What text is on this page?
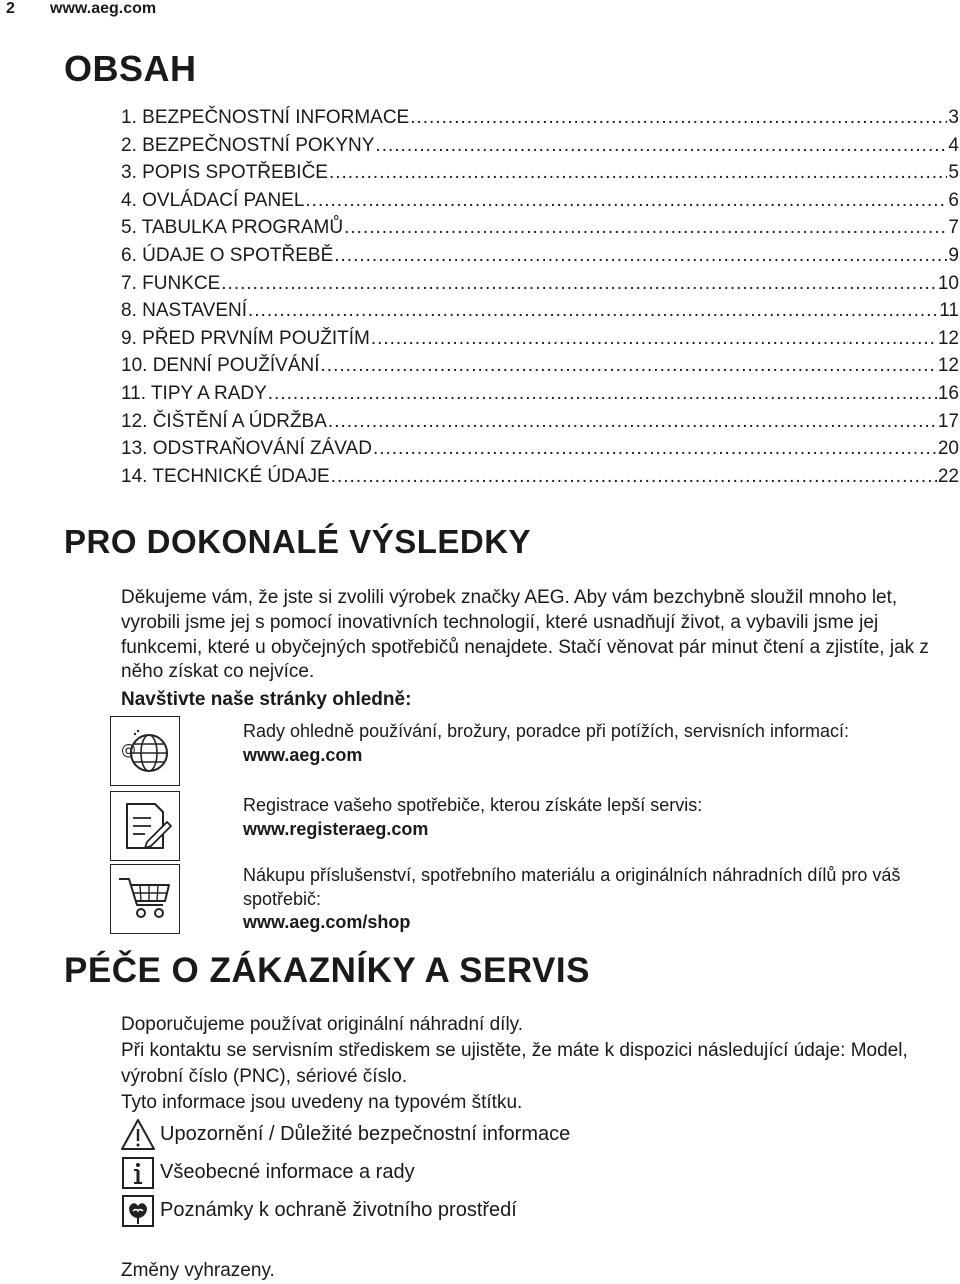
2 www.aeg.com
OBSAH
1. BEZPEČNOSTNÍ INFORMACE .....	3
2. BEZPEČNOSTNÍ POKYNY .....	4
3. POPIS SPOTŘEBIČE .....	5
4. OVLÁDACÍ PANEL .....	6
5. TABULKA PROGRAMŮ .....	7
6. ÚDAJE O SPOTŘEBĚ .....	9
7. FUNKCE .....	10
8. NASTAVENÍ .....	11
9. PŘED PRVNÍM POUŽITÍM .....	12
10. DENNÍ POUŽÍVÁNÍ .....	12
11. TIPY A RADY .....	16
12. ČIŠTĚNÍ A ÚDRŽBA .....	17
13. ODSTRAŇOVÁNÍ ZÁVAD .....	20
14. TECHNICKÉ ÚDAJE .....	22
PRO DOKONALÉ VÝSLEDKY

Děkujeme vám, že jste si zvolili výrobek značky AEG. Aby vám bezchybně sloužil mnoho let, vyrobili jsme jej s pomocí inovativních technologií, které usnadňují život, a vybavili jsme jej funkcemi, které u obyčejných spotřebičů nenajdete. Stačí věnovat pár minut čtení a zjistíte, jak z něho získat co nejvíce.

Navštivte naše stránky ohledně:

@
Rady ohledně používání, brožury, poradce při potížích, servisních informací:
www.aeg.com
Registrace vašeho spotřebiče, kterou získáte lepší servis:
www.registeraeg.com
Nákupu příslušenství, spotřebního materiálu a originálních náhradních dílů pro váš spotřebič:
www.aeg.com/shop
PÉČE O ZÁKAZNÍKY A SERVIS
Doporučujeme používat originální náhradní díly.
Při kontaktu se servisním střediskem se ujistěte, že máte k dispozici následující údaje: Model, výrobní číslo (PNC), sériové číslo.
Tyto informace jsou uvedeny na typovém štítku.
Upozornění / Důležité bezpečnostní informace
Všeobecné informace a rady
Poznámky k ochraně životního prostředí

Změny vyhrazeny.
